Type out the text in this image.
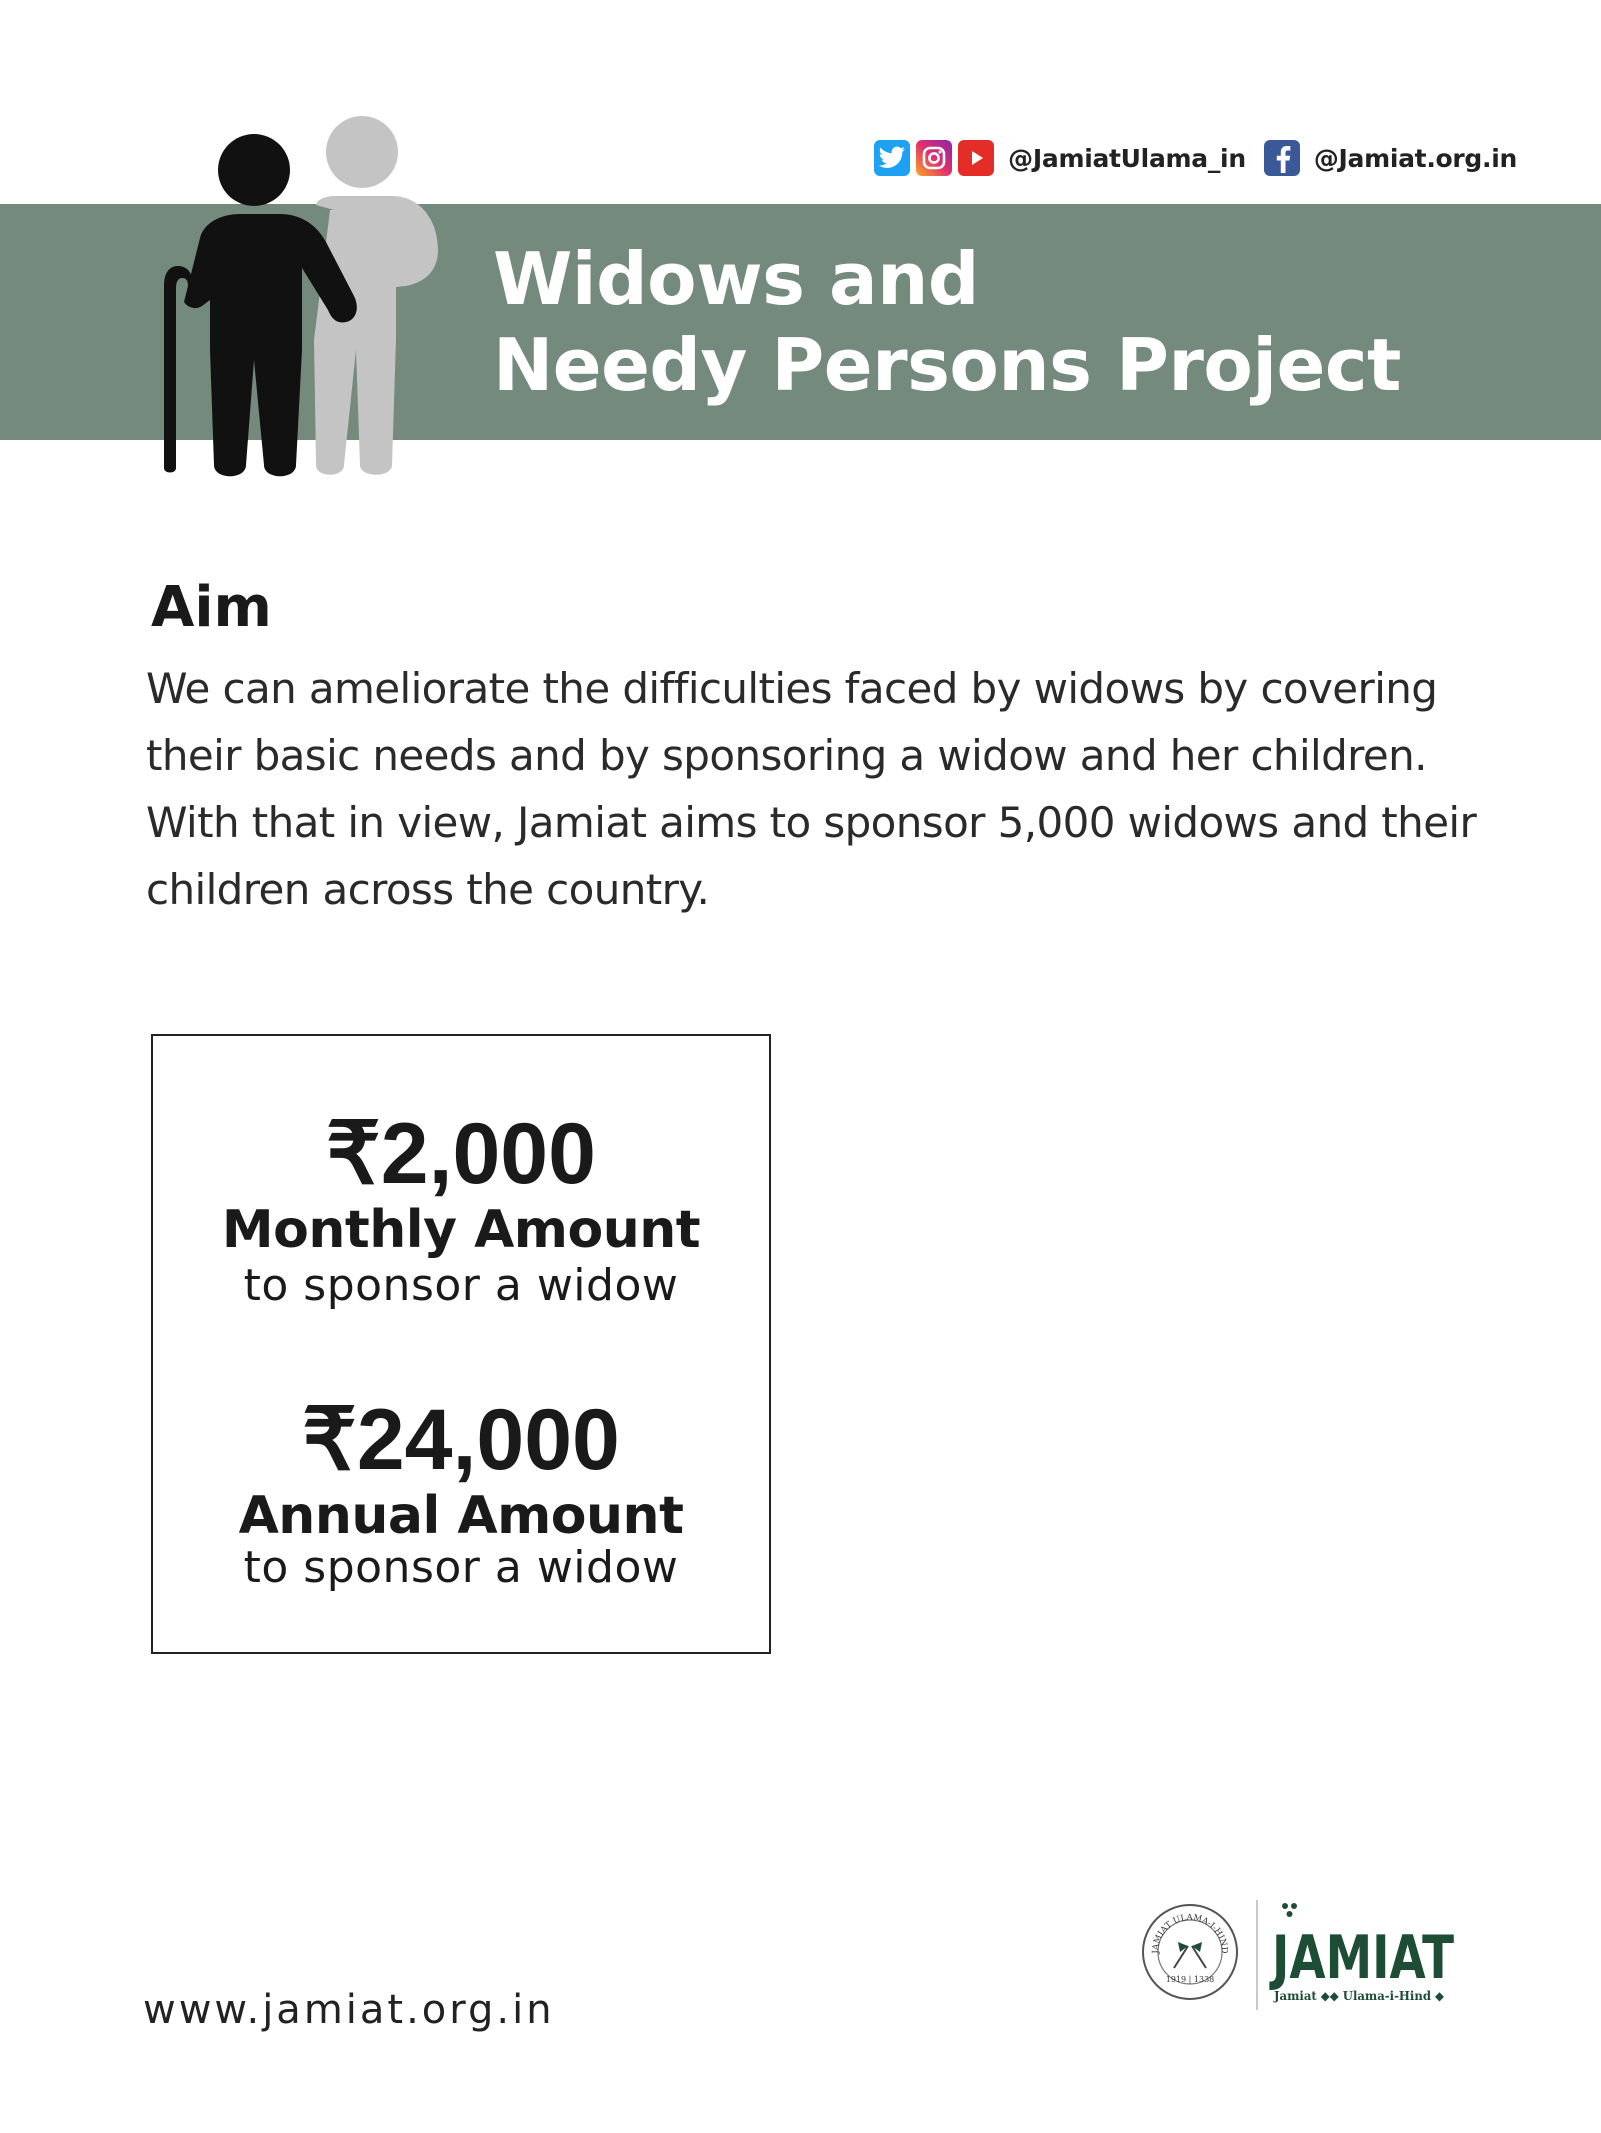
@JamiatUlama_in	@Jamiat.org.in
Widows and
Needy Persons Project
Aim

We can ameliorate the difficulties faced by widows by covering their basic needs and by sponsoring a widow and her children. With that in view, Jamiat aims to sponsor 5,000 widows and their children across the country.

₹2,000
Monthly Amount
to sponsor a widow
₹24,000
Annual Amount
to sponsor a widow
www.jamiat.org.in
JAMIAT ULAMA-I-HIND
1919 | 1338 JAMIAT
Jamiat ◆◆ Ulama-i-Hind ◆
